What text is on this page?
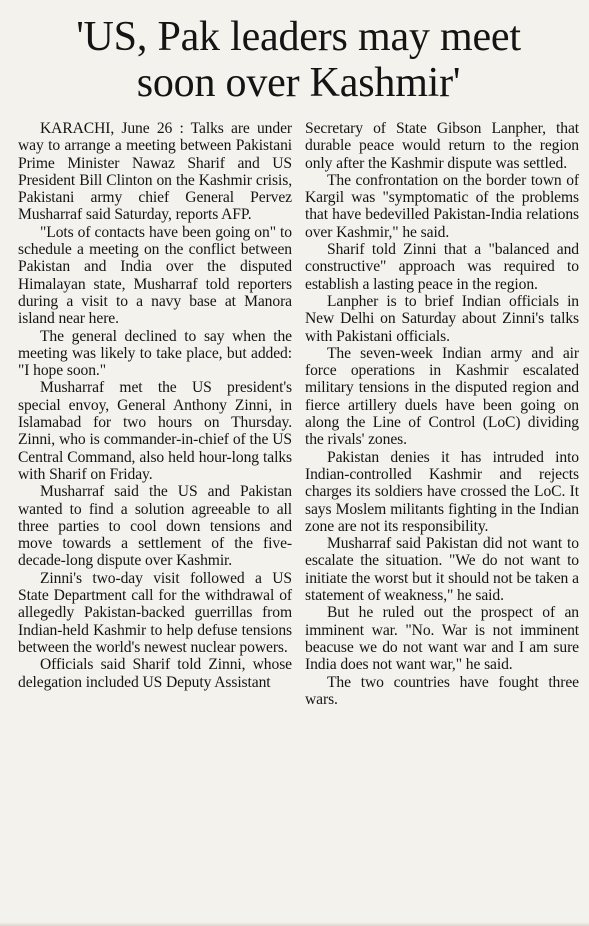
'US, Pak leaders may meet
soon over Kashmir'

KARACHI, June 26 : Talks are under way to arrange a meeting between Pakistani Prime Minister Nawaz Sharif and US President Bill Clinton on the Kashmir crisis, Pakistani army chief General Pervez Musharraf said Saturday, reports AFP.

"Lots of contacts have been going on" to schedule a meeting on the conflict between Pakistan and India over the disputed Himalayan state, Musharraf told reporters during a visit to a navy base at Manora island near here.

The general declined to say when the meeting was likely to take place, but added: "I hope soon."

Musharraf met the US president's special envoy, General Anthony Zinni, in Islamabad for two hours on Thursday. Zinni, who is commander-in-chief of the US Central Command, also held hour-long talks with Sharif on Friday.

Musharraf said the US and Pakistan wanted to find a solution agreeable to all three parties to cool down tensions and move towards a settlement of the five-decade-long dispute over Kashmir.

Zinni's two-day visit followed a US State Department call for the withdrawal of allegedly Pakistan-backed guerrillas from Indian-held Kashmir to help defuse tensions between the world's newest nuclear powers.

Officials said Sharif told Zinni, whose delegation included US Deputy Assistant

Secretary of State Gibson Lanpher, that durable peace would return to the region only after the Kashmir dispute was settled.

The confrontation on the border town of Kargil was "symptomatic of the problems that have bedevilled Pakistan-India relations over Kashmir," he said.

Sharif told Zinni that a "balanced and constructive" approach was required to establish a lasting peace in the region.

Lanpher is to brief Indian officials in New Delhi on Saturday about Zinni's talks with Pakistani officials.

The seven-week Indian army and air force operations in Kashmir escalated military tensions in the disputed region and fierce artillery duels have been going on along the Line of Control (LoC) dividing the rivals' zones.

Pakistan denies it has intruded into Indian-controlled Kashmir and rejects charges its soldiers have crossed the LoC. It says Moslem militants fighting in the Indian zone are not its responsibility.

Musharraf said Pakistan did not want to escalate the situation. "We do not want to initiate the worst but it should not be taken a statement of weakness," he said.

But he ruled out the prospect of an imminent war. "No. War is not imminent beacuse we do not want war and I am sure India does not want war," he said.

The two countries have fought three wars.
